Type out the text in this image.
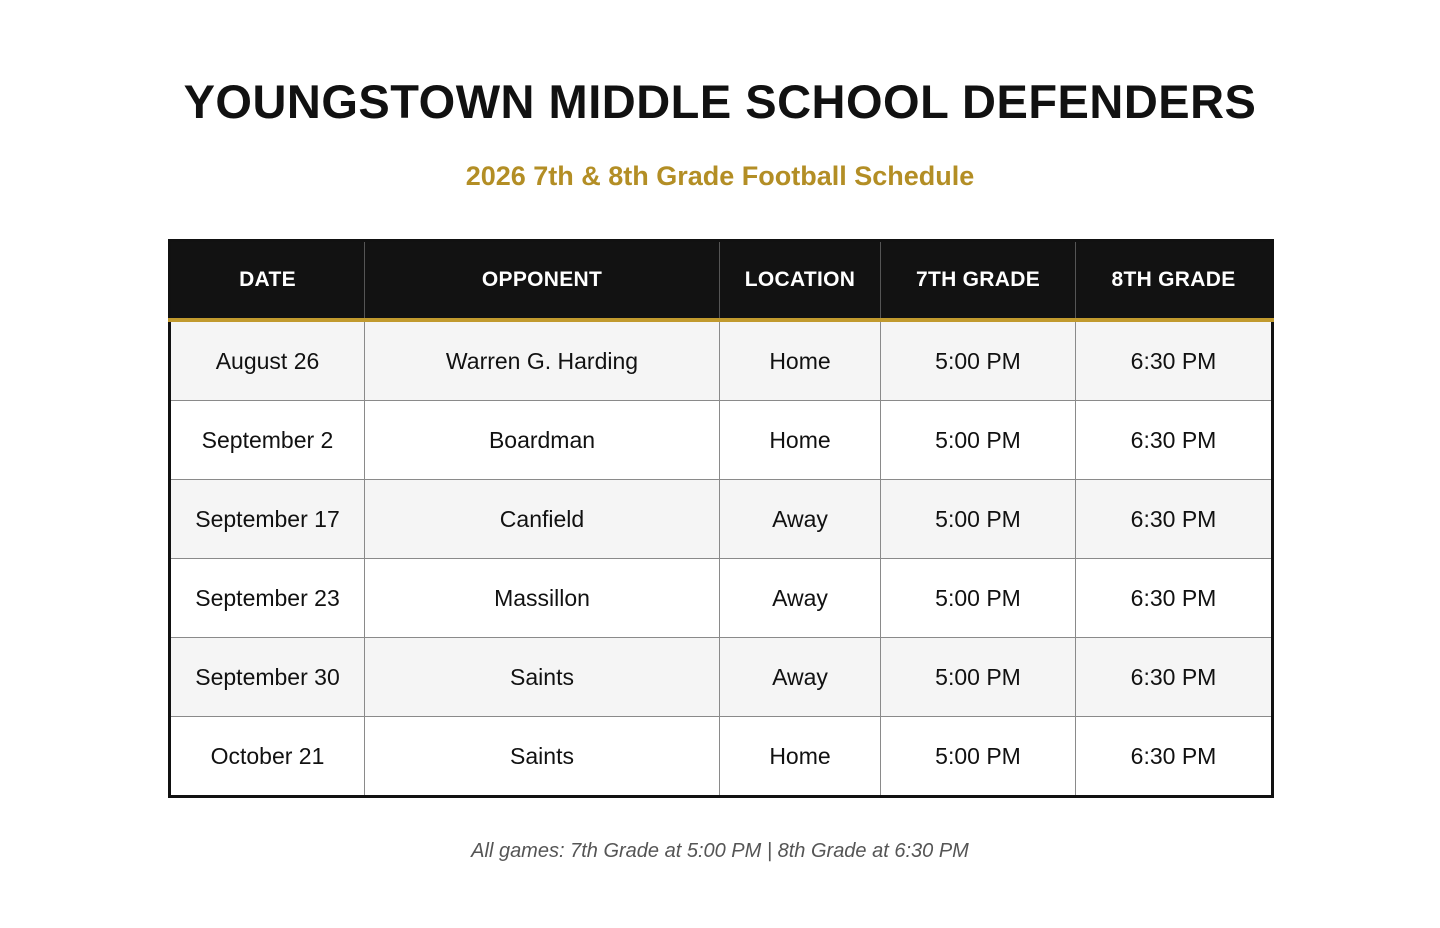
YOUNGSTOWN MIDDLE SCHOOL DEFENDERS
2026 7th & 8th Grade Football Schedule
DATE	OPPONENT	LOCATION	7TH GRADE	8TH GRADE
August 26	Warren G. Harding	Home	5:00 PM	6:30 PM
September 2	Boardman	Home	5:00 PM	6:30 PM
September 17	Canfield	Away	5:00 PM	6:30 PM
September 23	Massillon	Away	5:00 PM	6:30 PM
September 30	Saints	Away	5:00 PM	6:30 PM
October 21	Saints	Home	5:00 PM	6:30 PM
All games: 7th Grade at 5:00 PM | 8th Grade at 6:30 PM
